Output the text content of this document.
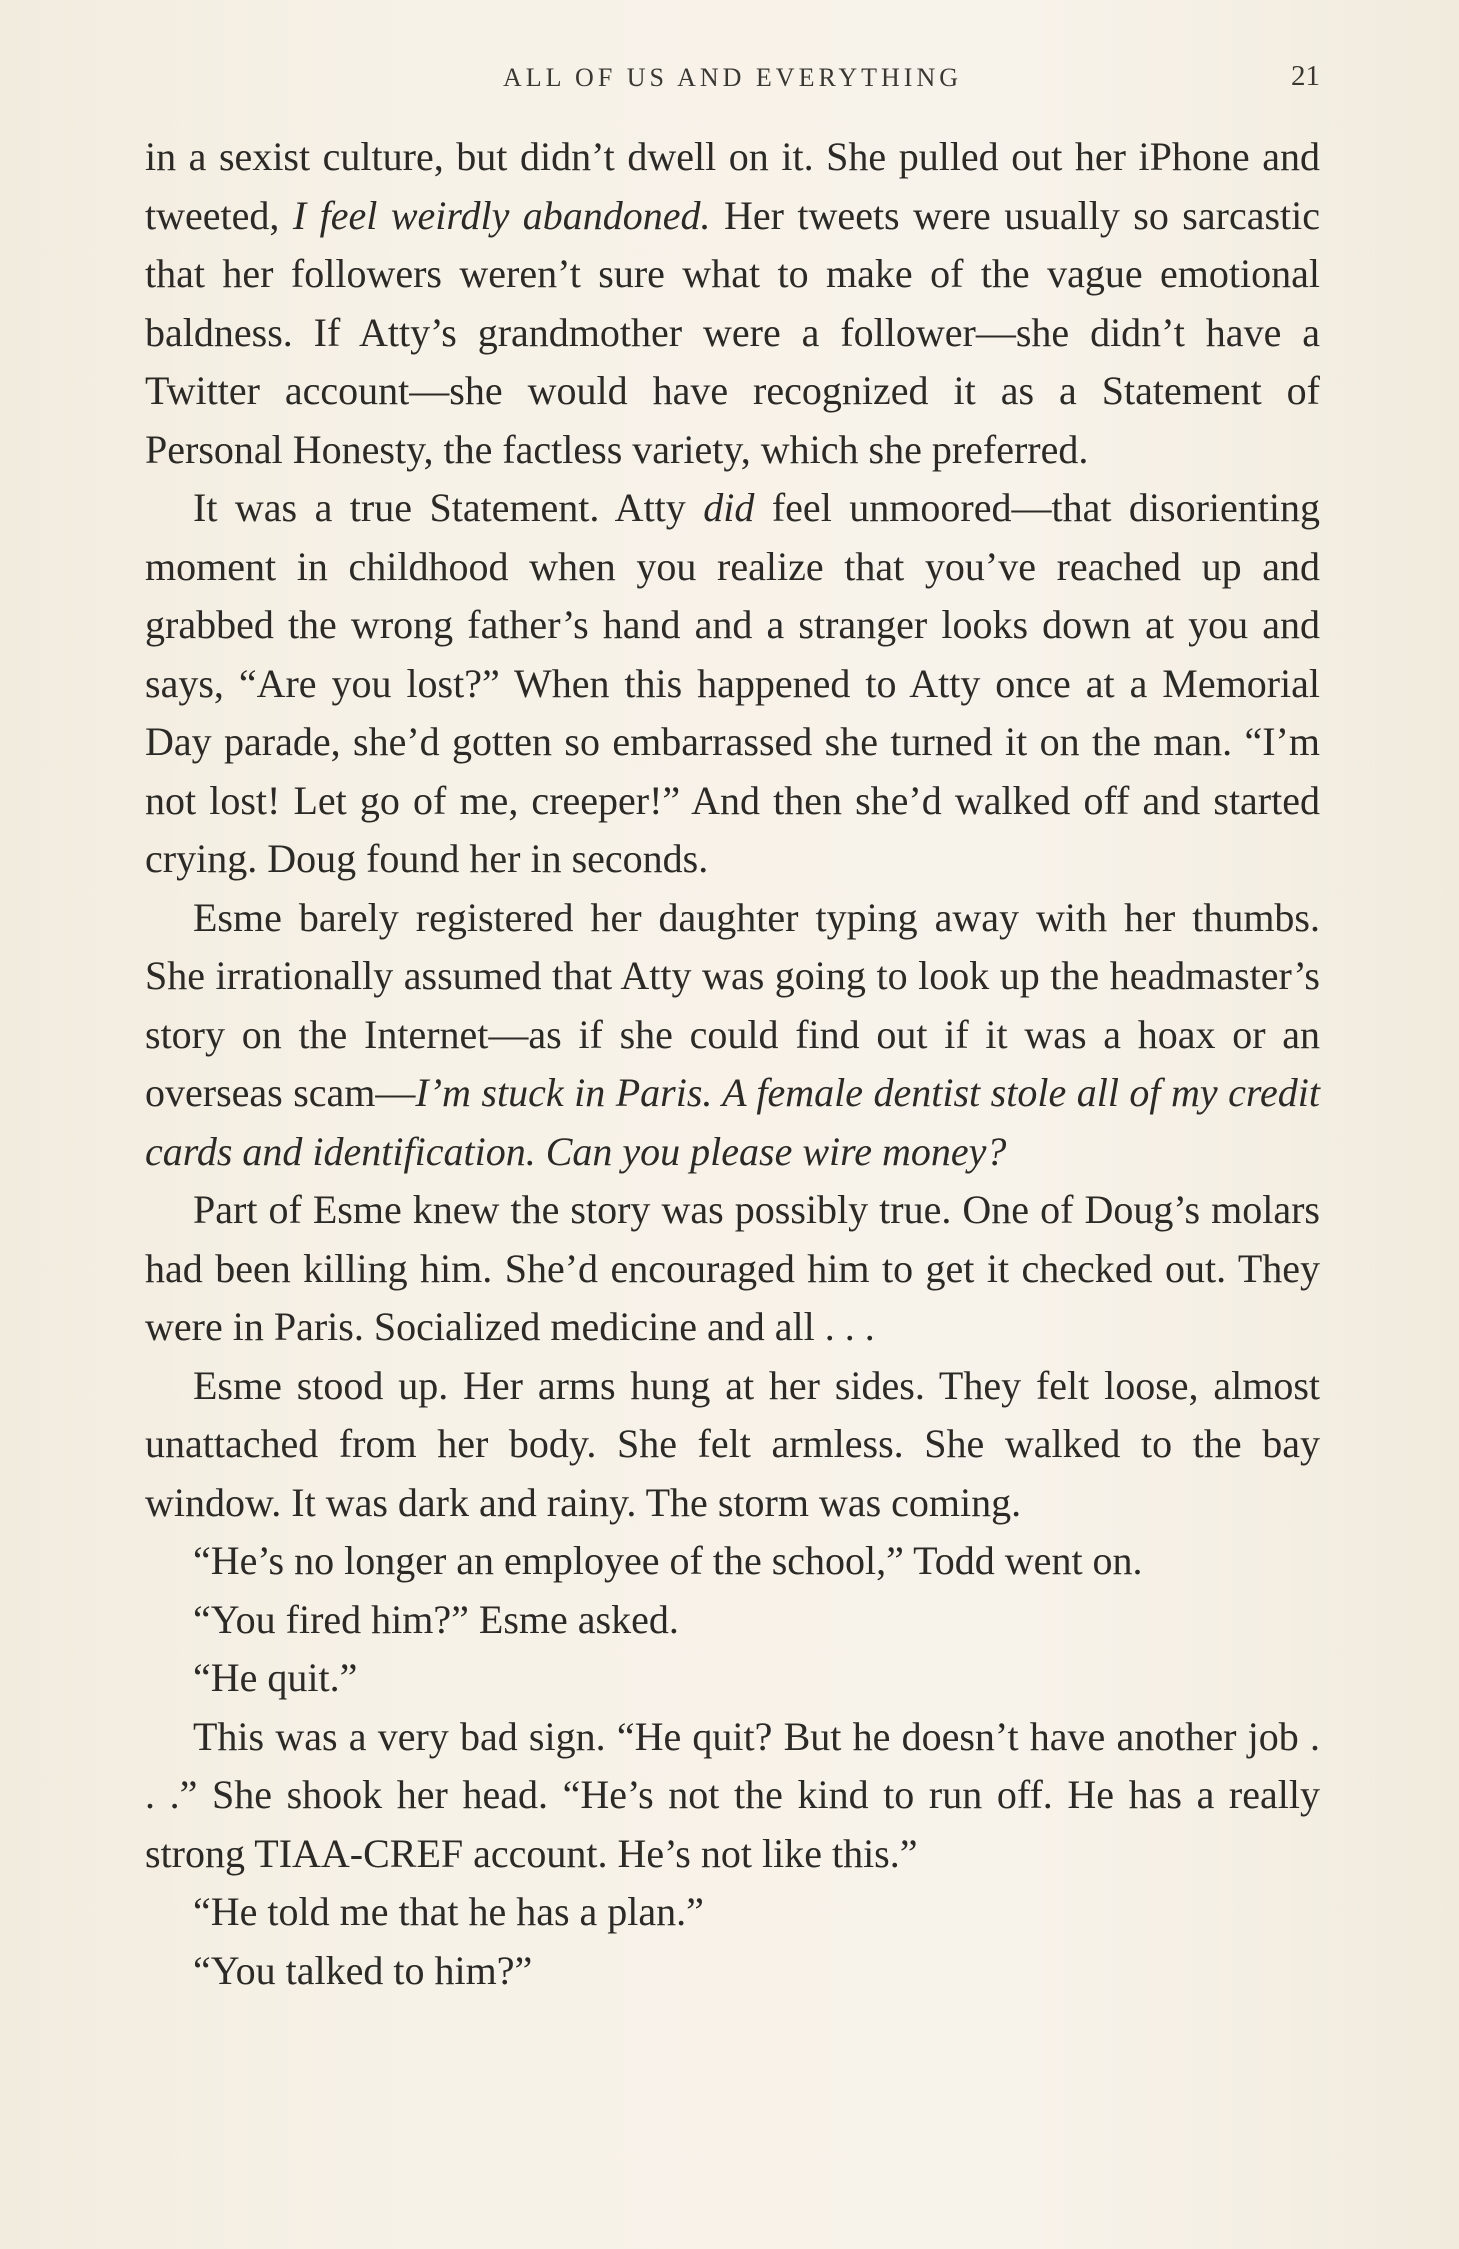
ALL OF US AND EVERYTHING	21

in a sexist culture, but didn’t dwell on it. She pulled out her iPhone and tweeted, I feel weirdly abandoned. Her tweets were usually so sarcastic that her followers weren’t sure what to make of the vague emotional baldness. If Atty’s grandmother were a follower—she didn’t have a Twitter account—she would have recognized it as a Statement of Personal Honesty, the factless variety, which she preferred.

It was a true Statement. Atty did feel unmoored—that disorienting moment in childhood when you realize that you’ve reached up and grabbed the wrong father’s hand and a stranger looks down at you and says, “Are you lost?” When this happened to Atty once at a Memorial Day parade, she’d gotten so embarrassed she turned it on the man. “I’m not lost! Let go of me, creeper!” And then she’d walked off and started crying. Doug found her in seconds.

Esme barely registered her daughter typing away with her thumbs. She irrationally assumed that Atty was going to look up the headmaster’s story on the Internet—as if she could find out if it was a hoax or an overseas scam—I’m stuck in Paris. A female dentist stole all of my credit cards and identification. Can you please wire money?

Part of Esme knew the story was possibly true. One of Doug’s molars had been killing him. She’d encouraged him to get it checked out. They were in Paris. Socialized medicine and all . . .

Esme stood up. Her arms hung at her sides. They felt loose, almost unattached from her body. She felt armless. She walked to the bay window. It was dark and rainy. The storm was coming.

“He’s no longer an employee of the school,” Todd went on.

“You fired him?” Esme asked.

“He quit.”

This was a very bad sign. “He quit? But he doesn’t have another job . . .” She shook her head. “He’s not the kind to run off. He has a really strong TIAA-CREF account. He’s not like this.”

“He told me that he has a plan.”

“You talked to him?”
